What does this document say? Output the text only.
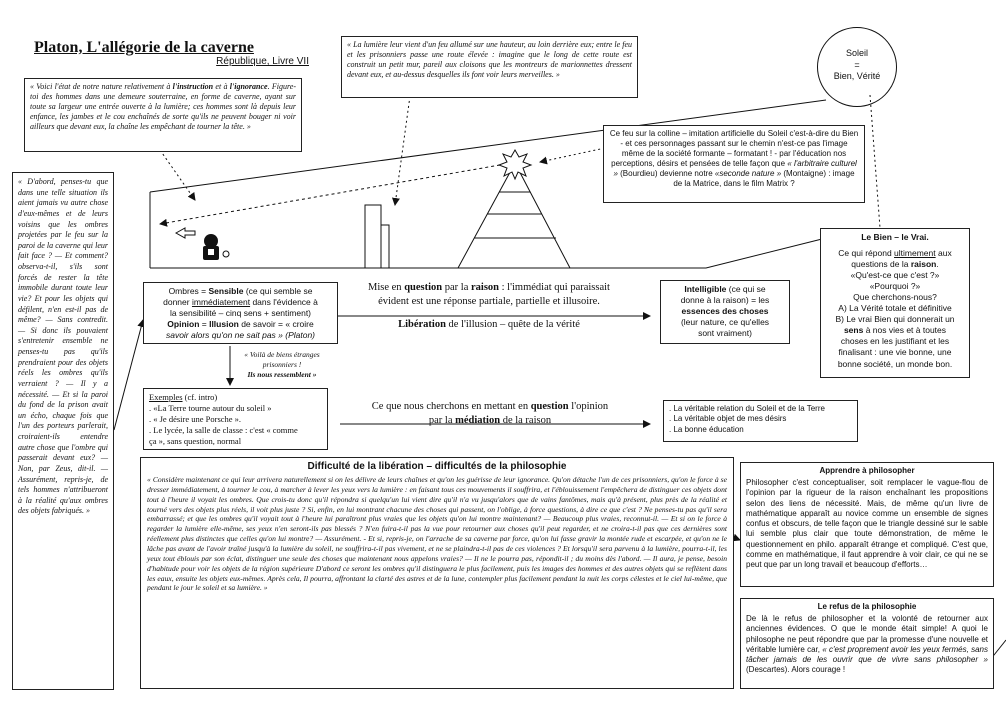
Platon, L'allégorie de la caverne
République, Livre VII
« La lumière leur vient d'un feu allumé sur une hauteur, au loin derrière eux; entre le feu et les prisonniers passe une route élevée : imagine que le long de cette route est construit un petit mur, pareil aux cloisons que les montreurs de marionnettes dressent devant eux, et au-dessus desquelles ils font voir leurs merveilles. »
Soleil
=
Bien, Vérité
« Voici l'état de notre nature relativement à l'instruction et à l'ignorance. Figure-toi des hommes dans une demeure souterraine, en forme de caverne, ayant sur toute sa largeur une entrée ouverte à la lumière; ces hommes sont là depuis leur enfance, les jambes et le cou enchaînés de sorte qu'ils ne peuvent bouger ni voir ailleurs que devant eux, la chaîne les empêchant de tourner la tête. »
Ce feu sur la colline – imitation artificielle du Soleil c'est-à-dire du Bien - et ces personnages passant sur le chemin n'est-ce pas l'image même de la société formante – formatant ! - par l'éducation nos perceptions, désirs et pensées de telle façon que « l'arbitraire culturel » (Bourdieu) devienne notre «seconde nature » (Montaigne) : image de la Matrice, dans le film Matrix ?
« D'abord, penses-tu que dans une telle situation ils aient jamais vu autre chose d'eux-mêmes et de leurs voisins que les ombres projetées par le feu sur la paroi de la caverne qui leur fait face ? — Et comment? observa-t-il, s'ils sont forcés de rester la tête immobile durant toute leur vie? Et pour les objets qui défilent, n'en est-il pas de même? — Sans contredit. — Si donc ils pouvaient s'entretenir ensemble ne penses-tu pas qu'ils prendraient pour des objets réels les ombres qu'ils verraient ? — Il y a nécessité. — Et si la paroi du fond de la prison avait un écho, chaque fois que l'un des porteurs parlerait, croiraient-ils entendre autre chose que l'ombre qui passerait devant eux? — Non, par Zeus, dit-il. — Assurément, repris-je, de tels hommes n'attribueront à la réalité qu'aux ombres des objets fabriqués. »
Ombres = Sensible (ce qui semble se
donner immédiatement dans l'évidence à
la sensibilité – cinq sens + sentiment)
Opinion = Illusion de savoir = « croire
savoir alors qu'on ne sait pas » (Platon)
Mise en question par la raison : l'immédiat qui paraissait
évident est une réponse partiale, partielle et illusoire.
Libération de l'illusion – quête de la vérité
Intelligible (ce qui se
donne à la raison) = les
essences des choses
(leur nature, ce qu'elles
sont vraiment)
Le Bien – le Vrai.
Ce qui répond ultimement aux
questions de la raison.
«Qu'est-ce que c'est ?»
«Pourquoi ?»
Que cherchons-nous?
A) La Vérité totale et définitive
B) Le vrai Bien qui donnerait un
sens à nos vies et à toutes
choses en les justifiant et les
finalisant : une vie bonne, une
bonne société, un monde bon.
« Voilà de biens étranges
prisonniers !
Ils nous ressemblent »
Exemples (cf. intro)
. «La Terre tourne autour du soleil »
. « Je désire une Porsche ».
. Le lycée, la salle de classe : c'est « comme
ça », sans question, normal
Ce que nous cherchons en mettant en question l'opinion
par la médiation de la raison
. La véritable relation du Soleil et de la Terre
. La véritable objet de mes désirs
. La bonne éducation
Difficulté de la libération – difficultés de la philosophie
« Considère maintenant ce qui leur arrivera naturellement si on les délivre de leurs chaînes et qu'on les guérisse de leur ignorance. Qu'on détache l'un de ces prisonniers, qu'on le force à se dresser immédiatement, à tourner le cou, à marcher à lever les yeux vers la lumière : en faisant tous ces mouvements il souffrira, et l'éblouissement l'empêchera de distinguer ces objets dont tout à l'heure il voyait les ombres. Que crois-tu donc qu'il répondra si quelqu'un lui vient dire qu'il n'a vu jusqu'alors que de vains fantômes, mais qu'à présent, plus près de la réalité et tourné vers des objets plus réels, il voit plus juste ? Si, enfin, en lui montrant chacune des choses qui passent, on l'oblige, à force questions, à dire ce que c'est ? Ne penses-tu pas qu'il sera embarrassé; et que les ombres qu'il voyait tout à l'heure lui paraîtront plus vraies que les objets qu'on lui montre maintenant? — Beaucoup plus vraies, reconnut-il. — Et si on le force à regarder la lumière elle-même, ses yeux n'en seront-ils pas blessés ? N'en fuira-t-il pas la vue pour retourner aux choses qu'il peut regarder, et ne croira-t-il pas que ces dernières sont réellement plus distinctes que celles qu'on lui montre? — Assurément. - Et si, repris-je, on l'arrache de sa caverne par force, qu'on lui fasse gravir la montée rude et escarpée, et qu'on ne le lâche pas avant de l'avoir traîné jusqu'à la lumière du soleil, ne souffrira-t-il pas vivement, et ne se plaindra-t-il pas de ces violences ? Et lorsqu'il sera parvenu à la lumière, pourra-t-il, les yeux tout éblouis par son éclat, distinguer une seule des choses que maintenant nous appelons vraies? — Il ne le pourra pas, répondit-il ; du moins dès l'abord. — Il aura, je pense, besoin d'habitude pour voir les objets de la région supérieure D'abord ce seront les ombres qu'il distinguera le plus facilement, puis les images des hommes et des autres objets qui se reflètent dans les eaux, ensuite les objets eux-mêmes. Après cela, Il pourra, affrontant la clarté des astres et de la lune, contempler plus facilement pendant la nuit les corps célestes et le ciel lui-même, que pendant le jour le soleil et sa lumière. »
Apprendre à philosopher
Philosopher c'est conceptualiser, soit remplacer le vague-flou de l'opinion par la rigueur de la raison enchaînant les propositions selon des liens de nécessité. Mais, de même qu'un livre de mathématique apparaît au novice comme un ensemble de signes confus et obscurs, de telle façon que le triangle dessiné sur le sable lui semble plus clair que toute démonstration, de même le questionnement en philo. apparaît étrange et compliqué. C'est que, comme en mathématique, il faut apprendre à voir clair, ce qui ne se peut que par un long travail et beaucoup d'efforts…
Le refus de la philosophie
De là le refus de philosopher et la volonté de retourner aux anciennes évidences. O que le monde était simple! A quoi le philosophe ne peut répondre que par la promesse d'une nouvelle et véritable lumière car, « c'est proprement avoir les yeux fermés, sans tâcher jamais de les ouvrir que de vivre sans philosopher » (Descartes). Alors courage !
